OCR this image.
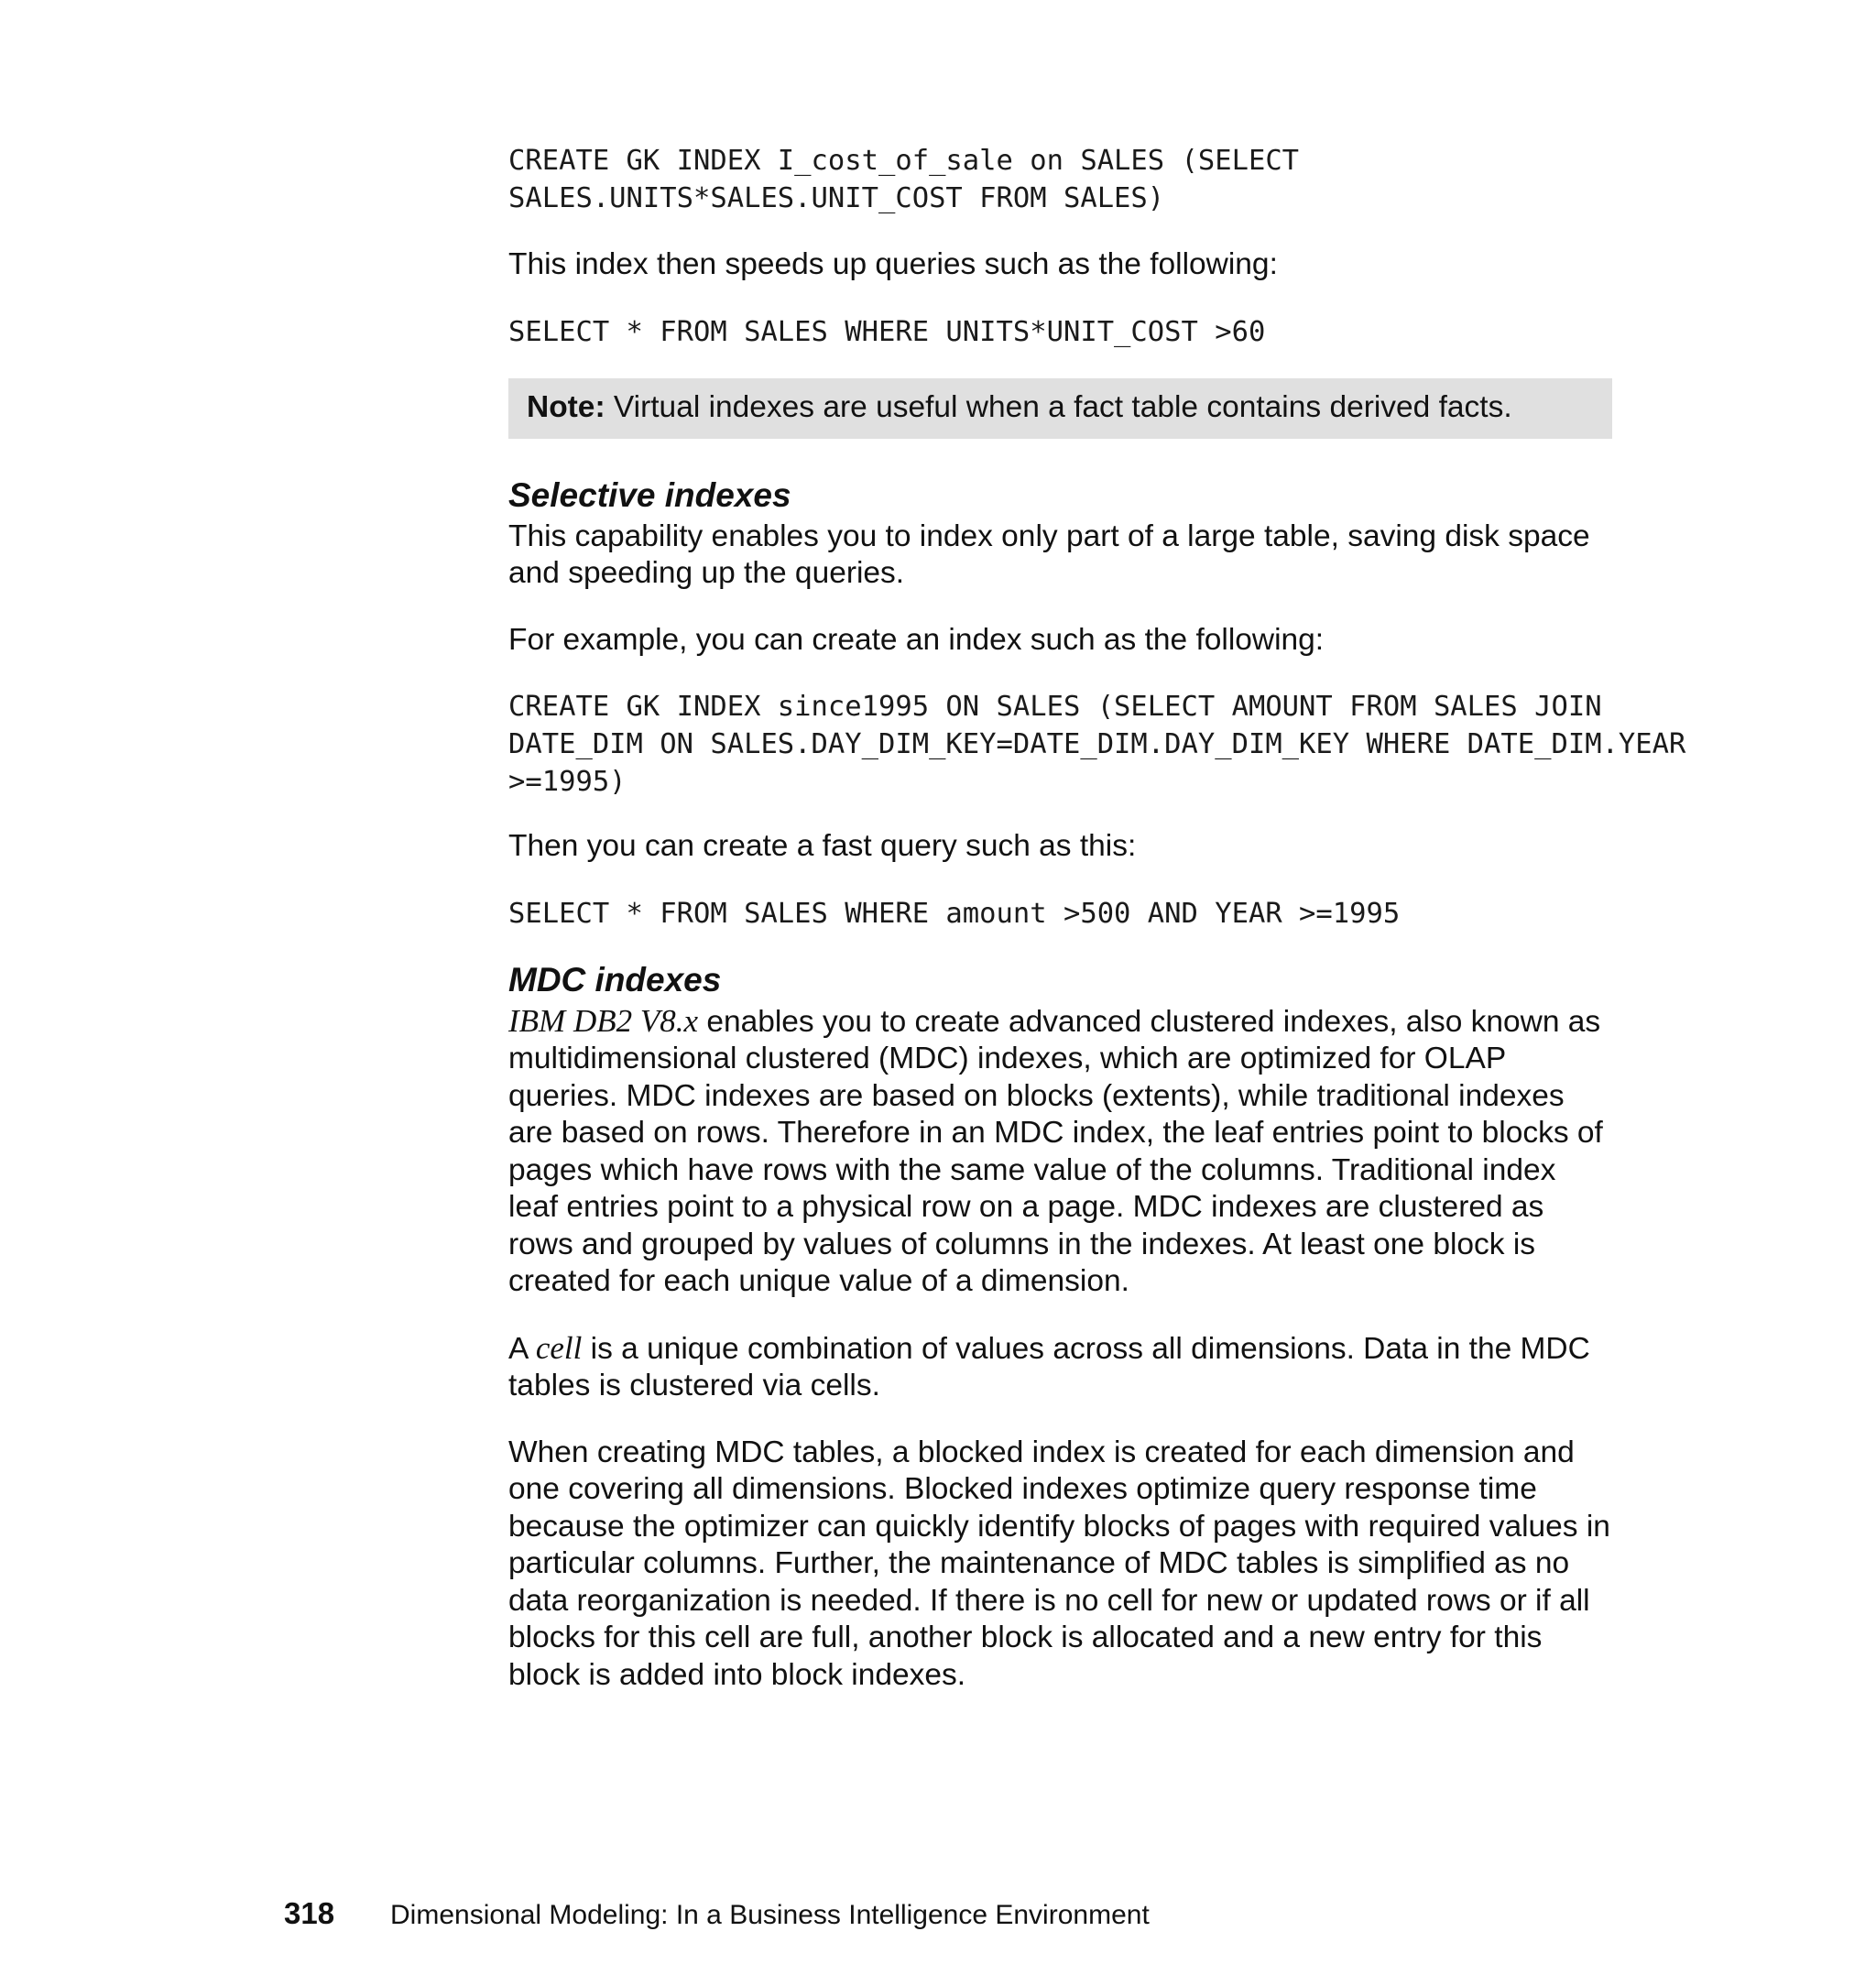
CREATE GK INDEX I_cost_of_sale on SALES (SELECT
SALES.UNITS*SALES.UNIT_COST FROM SALES)

This index then speeds up queries such as the following:

SELECT * FROM SALES WHERE UNITS*UNIT_COST >60
Note: Virtual indexes are useful when a fact table contains derived facts.
Selective indexes

This capability enables you to index only part of a large table, saving disk space and speeding up the queries.

For example, you can create an index such as the following:

CREATE GK INDEX since1995 ON SALES (SELECT AMOUNT FROM SALES JOIN
DATE_DIM ON SALES.DAY_DIM_KEY=DATE_DIM.DAY_DIM_KEY WHERE DATE_DIM.YEAR
>=1995)

Then you can create a fast query such as this:

SELECT * FROM SALES WHERE amount >500 AND YEAR >=1995
MDC indexes

IBM DB2 V8.x enables you to create advanced clustered indexes, also known as multidimensional clustered (MDC) indexes, which are optimized for OLAP queries. MDC indexes are based on blocks (extents), while traditional indexes are based on rows. Therefore in an MDC index, the leaf entries point to blocks of pages which have rows with the same value of the columns. Traditional index leaf entries point to a physical row on a page. MDC indexes are clustered as rows and grouped by values of columns in the indexes. At least one block is created for each unique value of a dimension.

A cell is a unique combination of values across all dimensions. Data in the MDC tables is clustered via cells.

When creating MDC tables, a blocked index is created for each dimension and one covering all dimensions. Blocked indexes optimize query response time because the optimizer can quickly identify blocks of pages with required values in particular columns. Further, the maintenance of MDC tables is simplified as no data reorganization is needed. If there is no cell for new or updated rows or if all blocks for this cell are full, another block is allocated and a new entry for this block is added into block indexes.

318 Dimensional Modeling: In a Business Intelligence Environment
